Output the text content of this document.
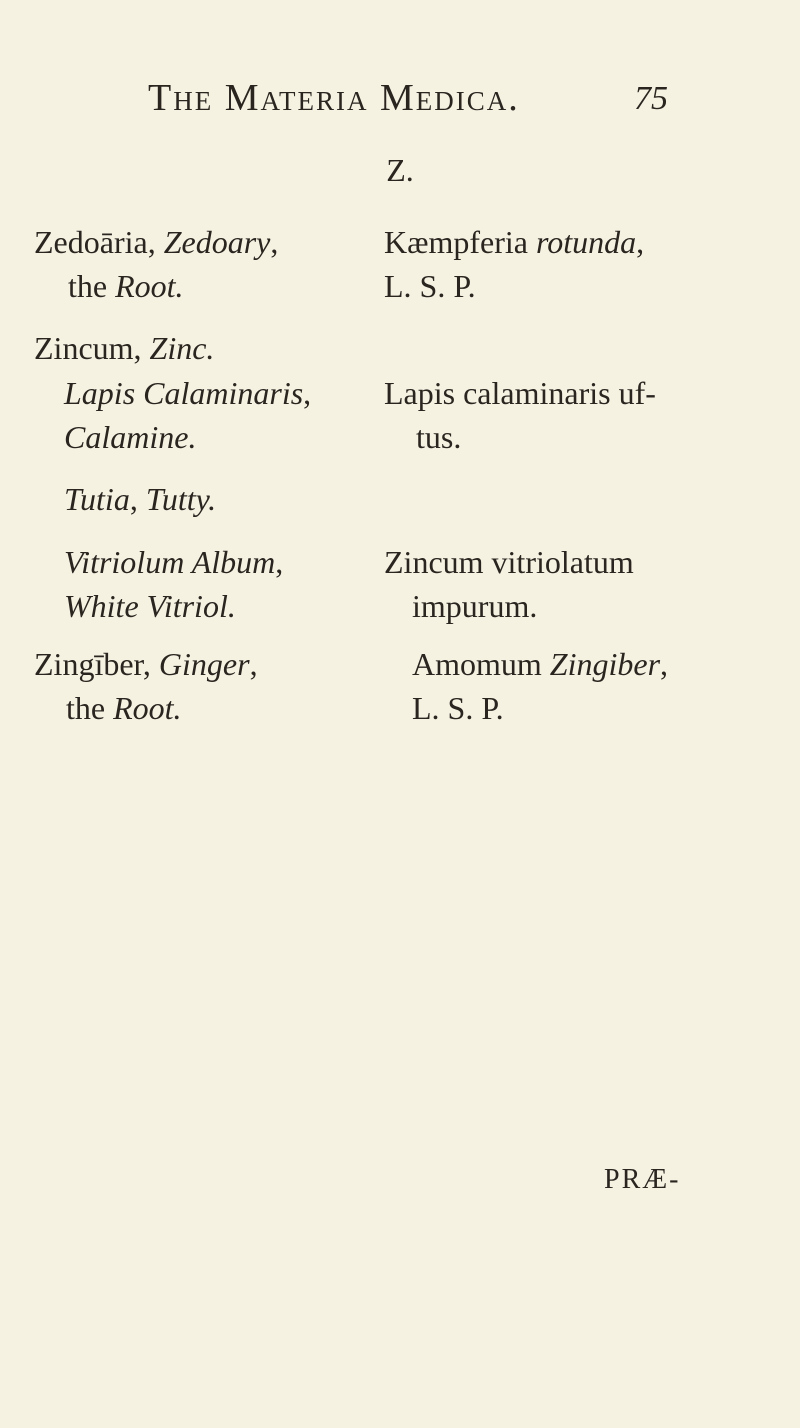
The Materia Medica.	75
Z.
Zedoāria, Zedoary,
the Root.
Kæmpferia rotunda,
L. S. P.
Zincum, Zinc.
Lapis Calaminaris,
Calamine.
Tutia, Tutty.
Vitriolum Album,
White Vitriol.
Lapis calaminaris uf-
tus.
Zincum vitriolatum
impurum.
Zingīber, Ginger,
the Root.
Amomum Zingiber,
L. S. P.
PRÆ-
